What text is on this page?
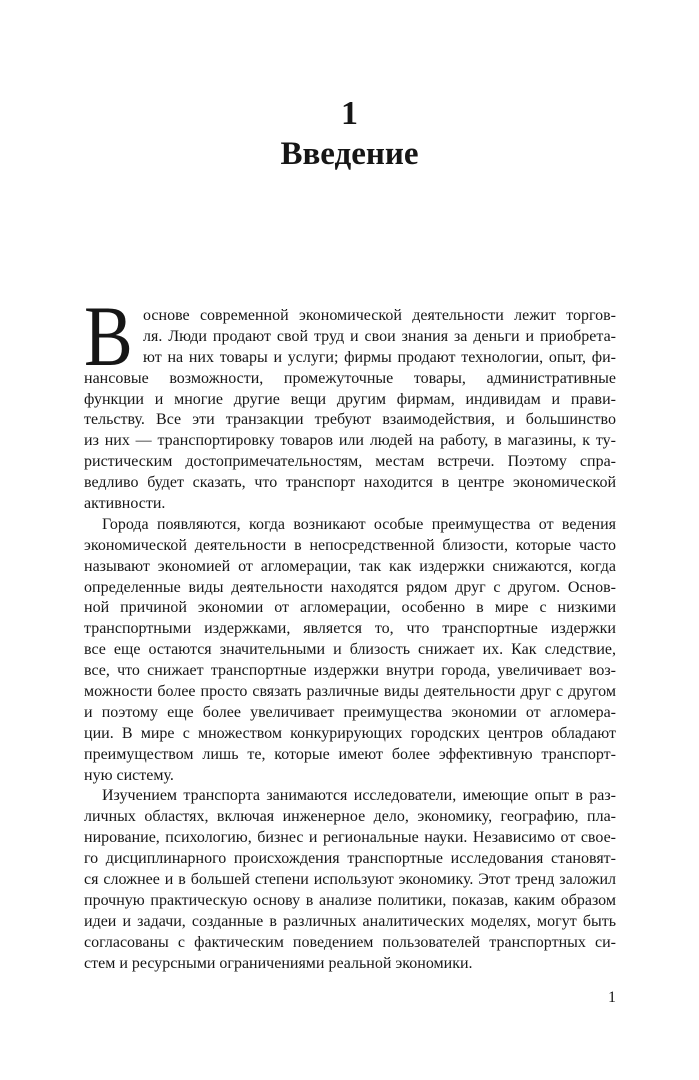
1
Введение
В основе современной экономической деятельности лежит торгов-
ля. Люди продают свой труд и свои знания за деньги и приобрета-
ют на них товары и услуги; фирмы продают технологии, опыт, фи-
нансовые возможности, промежуточные товары, административные
функции и многие другие вещи другим фирмам, индивидам и прави-
тельству. Все эти транзакции требуют взаимодействия, и большинство
из них — транспортировку товаров или людей на работу, в магазины, к ту-
ристическим достопримечательностям, местам встречи. Поэтому спра-
ведливо будет сказать, что транспорт находится в центре экономической
активности.
Города появляются, когда возникают особые преимущества от ведения
экономической деятельности в непосредственной близости, которые часто
называют экономией от агломерации, так как издержки снижаются, когда
определенные виды деятельности находятся рядом друг с другом. Основ-
ной причиной экономии от агломерации, особенно в мире с низкими
транспортными издержками, является то, что транспортные издержки
все еще остаются значительными и близость снижает их. Как следствие,
все, что снижает транспортные издержки внутри города, увеличивает воз-
можности более просто связать различные виды деятельности друг с другом
и поэтому еще более увеличивает преимущества экономии от агломера-
ции. В мире с множеством конкурирующих городских центров обладают
преимуществом лишь те, которые имеют более эффективную транспорт-
ную систему.
Изучением транспорта занимаются исследователи, имеющие опыт в раз-
личных областях, включая инженерное дело, экономику, географию, пла-
нирование, психологию, бизнес и региональные науки. Независимо от свое-
го дисциплинарного происхождения транспортные исследования становят-
ся сложнее и в большей степени используют экономику. Этот тренд заложил
прочную практическую основу в анализе политики, показав, каким образом
идеи и задачи, созданные в различных аналитических моделях, могут быть
согласованы с фактическим поведением пользователей транспортных си-
стем и ресурсными ограничениями реальной экономики.
1
